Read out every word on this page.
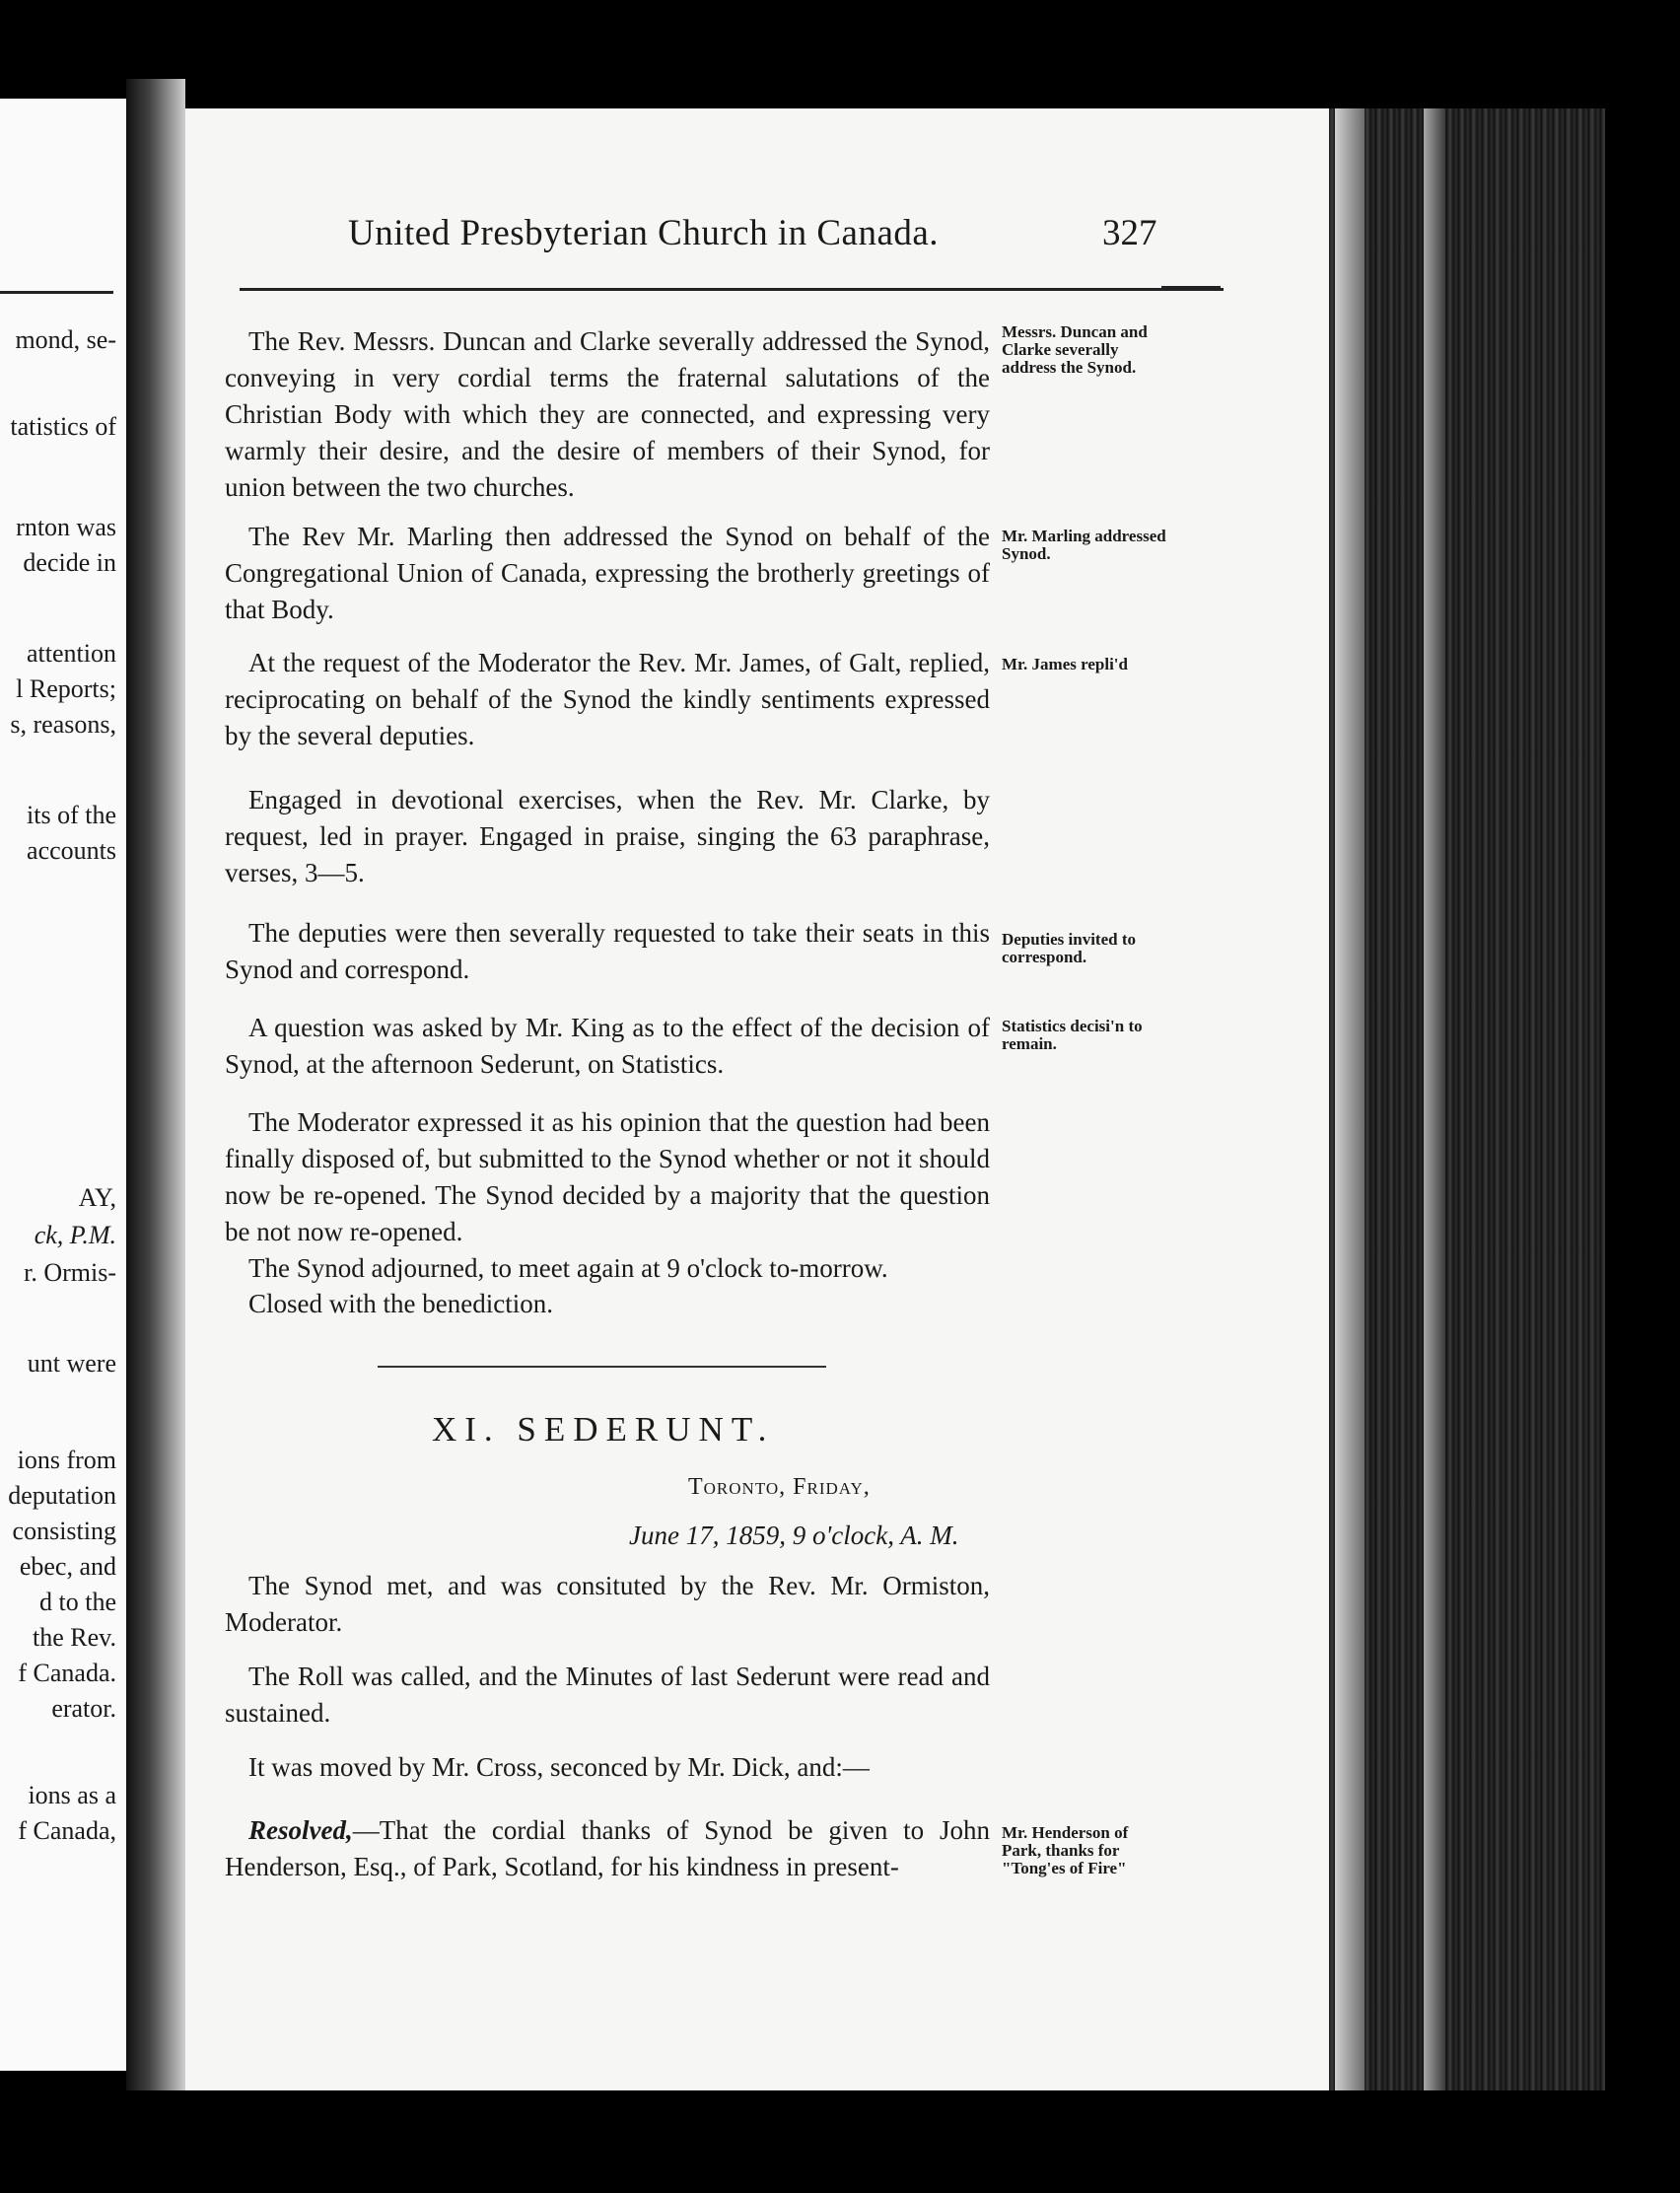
mond, se-
tatistics of
rnton was
decide in
attention
l Reports;
s, reasons,
its of the
accounts
AY,
ck, P.M.
r. Ormis-
unt were
ions from
deputation
consisting
ebec, and
d to the
the Rev.
f Canada.
erator.
ions as a
f Canada,
United Presbyterian Church in Canada.	327

The Rev. Messrs. Duncan and Clarke severally addressed the Synod, conveying in very cordial terms the fraternal salutations of the Christian Body with which they are connected, and expressing very warmly their desire, and the desire of members of their Synod, for union between the two churches.

Messrs. Duncan and Clarke severally address the Synod.

The Rev Mr. Marling then addressed the Synod on behalf of the Congregational Union of Canada, expressing the brotherly greetings of that Body.

Mr. Marling addressed Synod.

At the request of the Moderator the Rev. Mr. James, of Galt, replied, reciprocating on behalf of the Synod the kindly sentiments expressed by the several deputies.

Mr. James repli'd

Engaged in devotional exercises, when the Rev. Mr. Clarke, by request, led in prayer. Engaged in praise, singing the 63 paraphrase, verses, 3—5.

The deputies were then severally requested to take their seats in this Synod and correspond.

Deputies invited to correspond.

A question was asked by Mr. King as to the effect of the decision of Synod, at the afternoon Sederunt, on Statistics.

Statistics decisi'n to remain.

The Moderator expressed it as his opinion that the question had been finally disposed of, but submitted to the Synod whether or not it should now be re-opened. The Synod decided by a majority that the question be not now re-opened.

The Synod adjourned, to meet again at 9 o'clock to-morrow.

Closed with the benediction.

XI. SEDERUNT.
Toronto, Friday,
June 17, 1859, 9 o'clock, A. M.

The Synod met, and was consituted by the Rev. Mr. Ormiston, Moderator.

The Roll was called, and the Minutes of last Sederunt were read and sustained.

It was moved by Mr. Cross, seconced by Mr. Dick, and:—

Resolved,—That the cordial thanks of Synod be given to John Henderson, Esq., of Park, Scotland, for his kindness in present-

Mr. Henderson of Park, thanks for "Tong'es of Fire"
